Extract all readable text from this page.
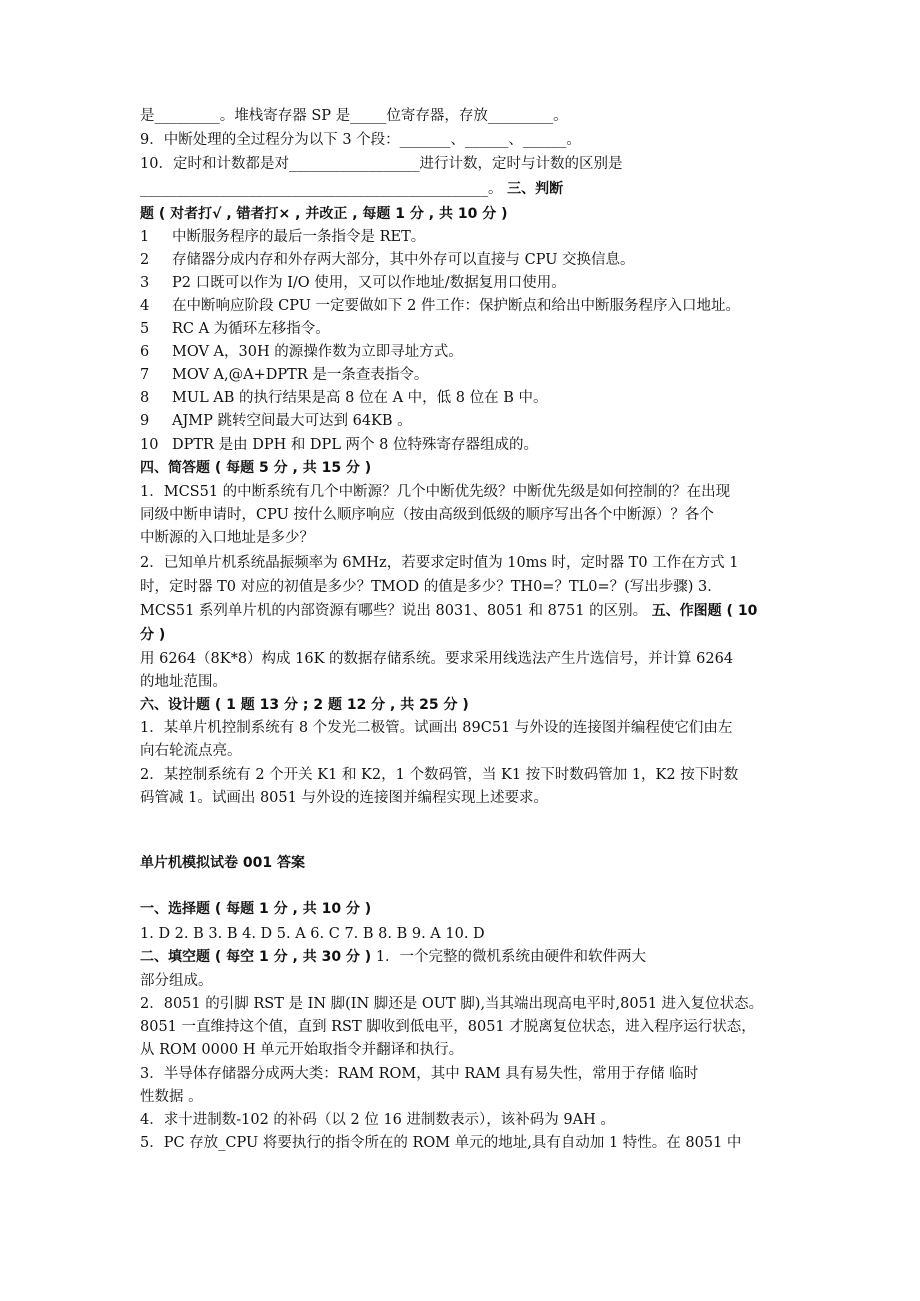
是_________。堆栈寄存器 SP 是_____位寄存器，存放_________。
9．中断处理的全过程分为以下 3 个段：_______、______、______。
10．定时和计数都是对__________________进行计数，定时与计数的区别是
________________________________________________。 三、判断
题 ( 对者打√ , 错者打× , 并改正 , 每题 1 分 , 共 10 分 )
1 中断服务程序的最后一条指令是 RET。
2 存储器分成内存和外存两大部分，其中外存可以直接与 CPU 交换信息。
3 P2 口既可以作为 I/O 使用，又可以作地址/数据复用口使用。
4 在中断响应阶段 CPU 一定要做如下 2 件工作：保护断点和给出中断服务程序入口地址。
5 RC A 为循环左移指令。
6 MOV A，30H 的源操作数为立即寻址方式。
7 MOV A,@A+DPTR 是一条查表指令。
8 MUL AB 的执行结果是高 8 位在 A 中，低 8 位在 B 中。
9 AJMP 跳转空间最大可达到 64KB 。
10 DPTR 是由 DPH 和 DPL 两个 8 位特殊寄存器组成的。
四、简答题 ( 每题 5 分 , 共 15 分 )
1．MCS51 的中断系统有几个中断源？几个中断优先级？中断优先级是如何控制的？在出现
同级中断申请时，CPU 按什么顺序响应（按由高级到低级的顺序写出各个中断源）？各个
中断源的入口地址是多少？
2．已知单片机系统晶振频率为 6MHz，若要求定时值为 10ms 时，定时器 T0 工作在方式 1
时，定时器 T0 对应的初值是多少？TMOD 的值是多少？TH0=？TL0=？(写出步骤) 3．
MCS51 系列单片机的内部资源有哪些？说出 8031、8051 和 8751 的区别。 五、作图题 ( 10
分 )
用 6264（8K*8）构成 16K 的数据存储系统。要求采用线选法产生片选信号，并计算 6264
的地址范围。
六、设计题 ( 1 题 13 分 ; 2 题 12 分 , 共 25 分 )
1．某单片机控制系统有 8 个发光二极管。试画出 89C51 与外设的连接图并编程使它们由左
向右轮流点亮。
2．某控制系统有 2 个开关 K1 和 K2，1 个数码管，当 K1 按下时数码管加 1，K2 按下时数
码管减 1。试画出 8051 与外设的连接图并编程实现上述要求。
单片机模拟试卷 001 答案
一、选择题 ( 每题 1 分 , 共 10 分 )
1. D 2. B 3. B 4. D 5. A 6. C 7. B 8. B 9. A 10. D
二、填空题 ( 每空 1 分 , 共 30 分 ) 1．一个完整的微机系统由硬件和软件两大
部分组成。
2．8051 的引脚 RST 是 IN 脚(IN 脚还是 OUT 脚),当其端出现高电平时,8051 进入复位状态。
8051 一直维持这个值，直到 RST 脚收到低电平，8051 才脱离复位状态，进入程序运行状态，
从 ROM 0000 H 单元开始取指令并翻译和执行。
3．半导体存储器分成两大类：RAM ROM，其中 RAM 具有易失性，常用于存储 临时
性数据 。
4．求十进制数-102 的补码（以 2 位 16 进制数表示），该补码为 9AH 。
5．PC 存放_CPU 将要执行的指令所在的 ROM 单元的地址,具有自动加 1 特性。在 8051 中
